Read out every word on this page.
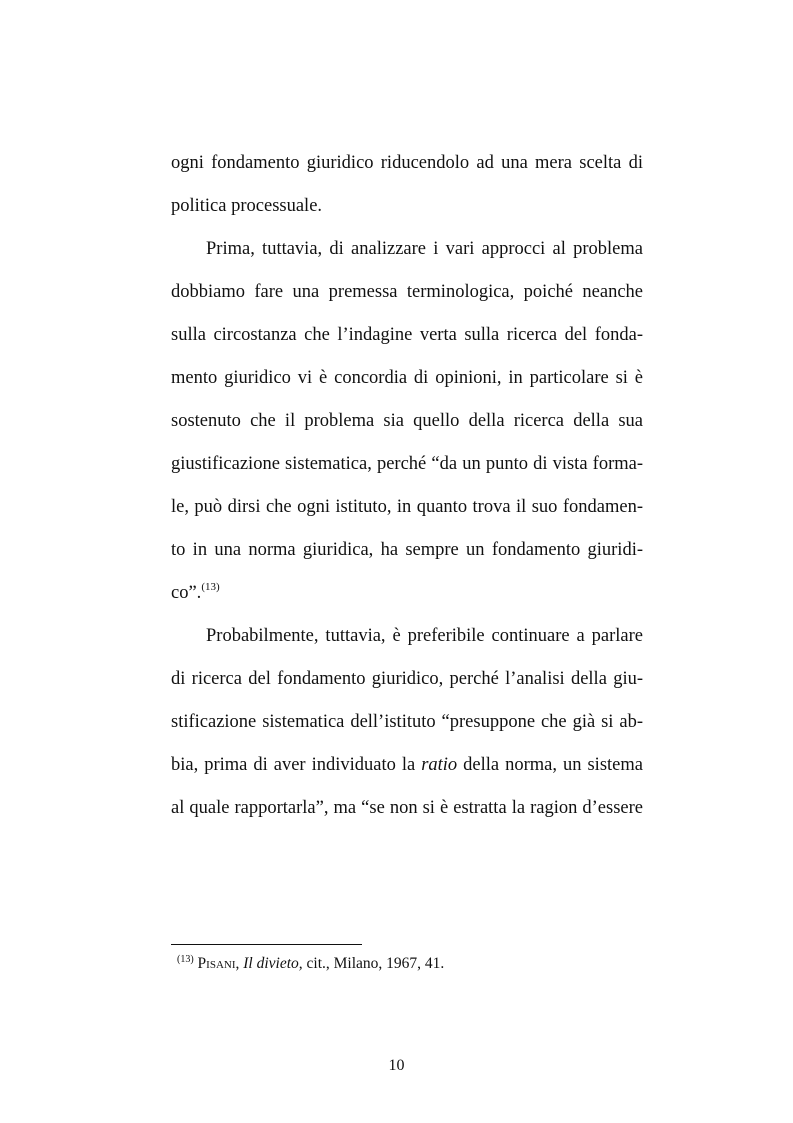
ogni fondamento giuridico riducendolo ad una mera scelta di
politica processuale.
Prima, tuttavia, di analizzare i vari approcci al problema
dobbiamo fare una premessa terminologica, poiché neanche
sulla circostanza che l’indagine verta sulla ricerca del fonda-
mento giuridico vi è concordia di opinioni, in particolare si è
sostenuto che il problema sia quello della ricerca della sua
giustificazione sistematica, perché “da un punto di vista forma-
le, può dirsi che ogni istituto, in quanto trova il suo fondamen-
to in una norma giuridica, ha sempre un fondamento giuridi-
co”.$^{(13)}$
Probabilmente, tuttavia, è preferibile continuare a parlare
di ricerca del fondamento giuridico, perché l’analisi della giu-
stificazione sistematica dell’istituto “presuppone che già si ab-
bia, prima di aver individuato la ratio della norma, un sistema
al quale rapportarla”, ma “se non si è estratta la ragion d’essere
$^{(13)}$ Pisani, Il divieto, cit., Milano, 1967, 41.
10
